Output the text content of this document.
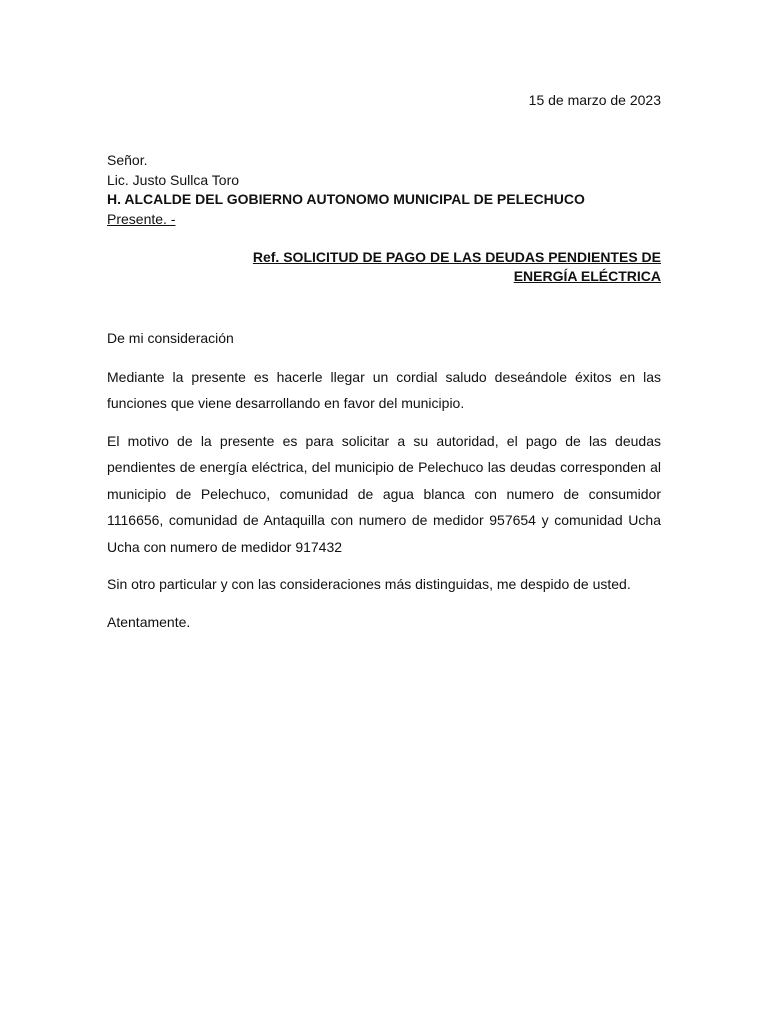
15 de marzo de 2023
Señor.
Lic. Justo Sullca Toro
H. ALCALDE DEL GOBIERNO AUTONOMO MUNICIPAL DE PELECHUCO
Presente. -
Ref. SOLICITUD DE PAGO DE LAS DEUDAS PENDIENTES DE
ENERGÍA ELÉCTRICA

De mi consideración

Mediante la presente es hacerle llegar un cordial saludo deseándole éxitos en las funciones que viene desarrollando en favor del municipio.

El motivo de la presente es para solicitar a su autoridad, el pago de las deudas pendientes de energía eléctrica, del municipio de Pelechuco las deudas corresponden al municipio de Pelechuco, comunidad de agua blanca con numero de consumidor 1116656, comunidad de Antaquilla con numero de medidor 957654 y comunidad Ucha Ucha con numero de medidor 917432

Sin otro particular y con las consideraciones más distinguidas, me despido de usted.

Atentamente.
